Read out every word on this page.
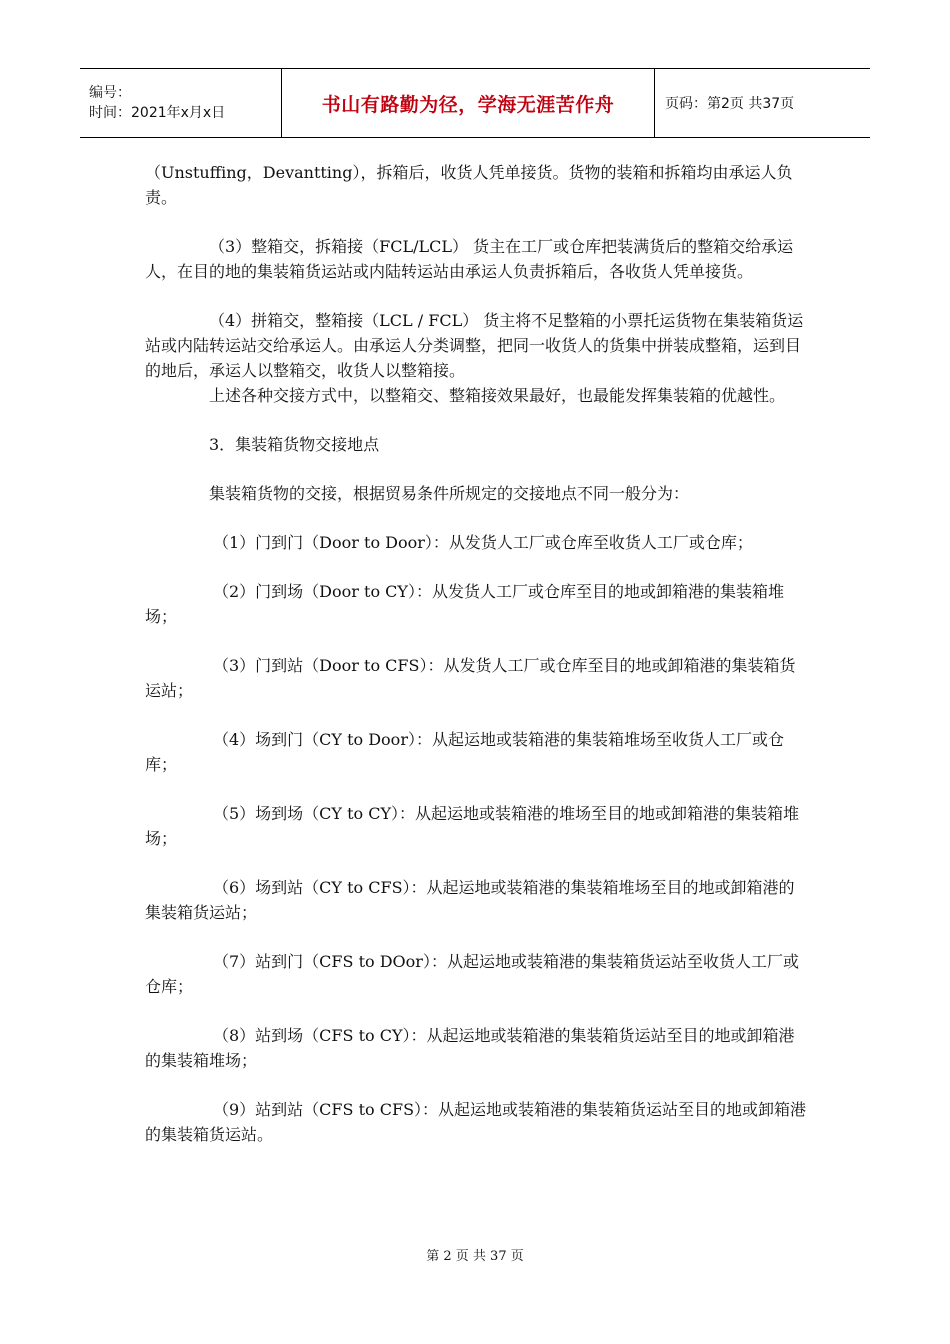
编号：
时间：2021年x月x日	书山有路勤为径，学海无涯苦作舟	页码：第2页 共37页

（Unstuffing，Devantting），拆箱后，收货人凭单接货。货物的装箱和拆箱均由承运人负责。

（3）整箱交，拆箱接（FCL/LCL） 货主在工厂或仓库把装满货后的整箱交给承运人，在目的地的集装箱货运站或内陆转运站由承运人负责拆箱后，各收货人凭单接货。

（4）拼箱交，整箱接（LCL / FCL） 货主将不足整箱的小票托运货物在集装箱货运站或内陆转运站交给承运人。由承运人分类调整，把同一收货人的货集中拼装成整箱，运到目的地后，承运人以整箱交，收货人以整箱接。

上述各种交接方式中，以整箱交、整箱接效果最好，也最能发挥集装箱的优越性。

3．集装箱货物交接地点

集装箱货物的交接，根据贸易条件所规定的交接地点不同一般分为：

（1）门到门（Door to Door）：从发货人工厂或仓库至收货人工厂或仓库；

（2）门到场（Door to CY）：从发货人工厂或仓库至目的地或卸箱港的集装箱堆场；

（3）门到站（Door to CFS）：从发货人工厂或仓库至目的地或卸箱港的集装箱货运站；

（4）场到门（CY to Door）：从起运地或装箱港的集装箱堆场至收货人工厂或仓库；

（5）场到场（CY to CY）：从起运地或装箱港的堆场至目的地或卸箱港的集装箱堆场；

（6）场到站（CY to CFS）：从起运地或装箱港的集装箱堆场至目的地或卸箱港的集装箱货运站；

（7）站到门（CFS to DOor）：从起运地或装箱港的集装箱货运站至收货人工厂或仓库；

（8）站到场（CFS to CY）：从起运地或装箱港的集装箱货运站至目的地或卸箱港的集装箱堆场；

（9）站到站（CFS to CFS）：从起运地或装箱港的集装箱货运站至目的地或卸箱港的集装箱货运站。

第 2 页 共 37 页
